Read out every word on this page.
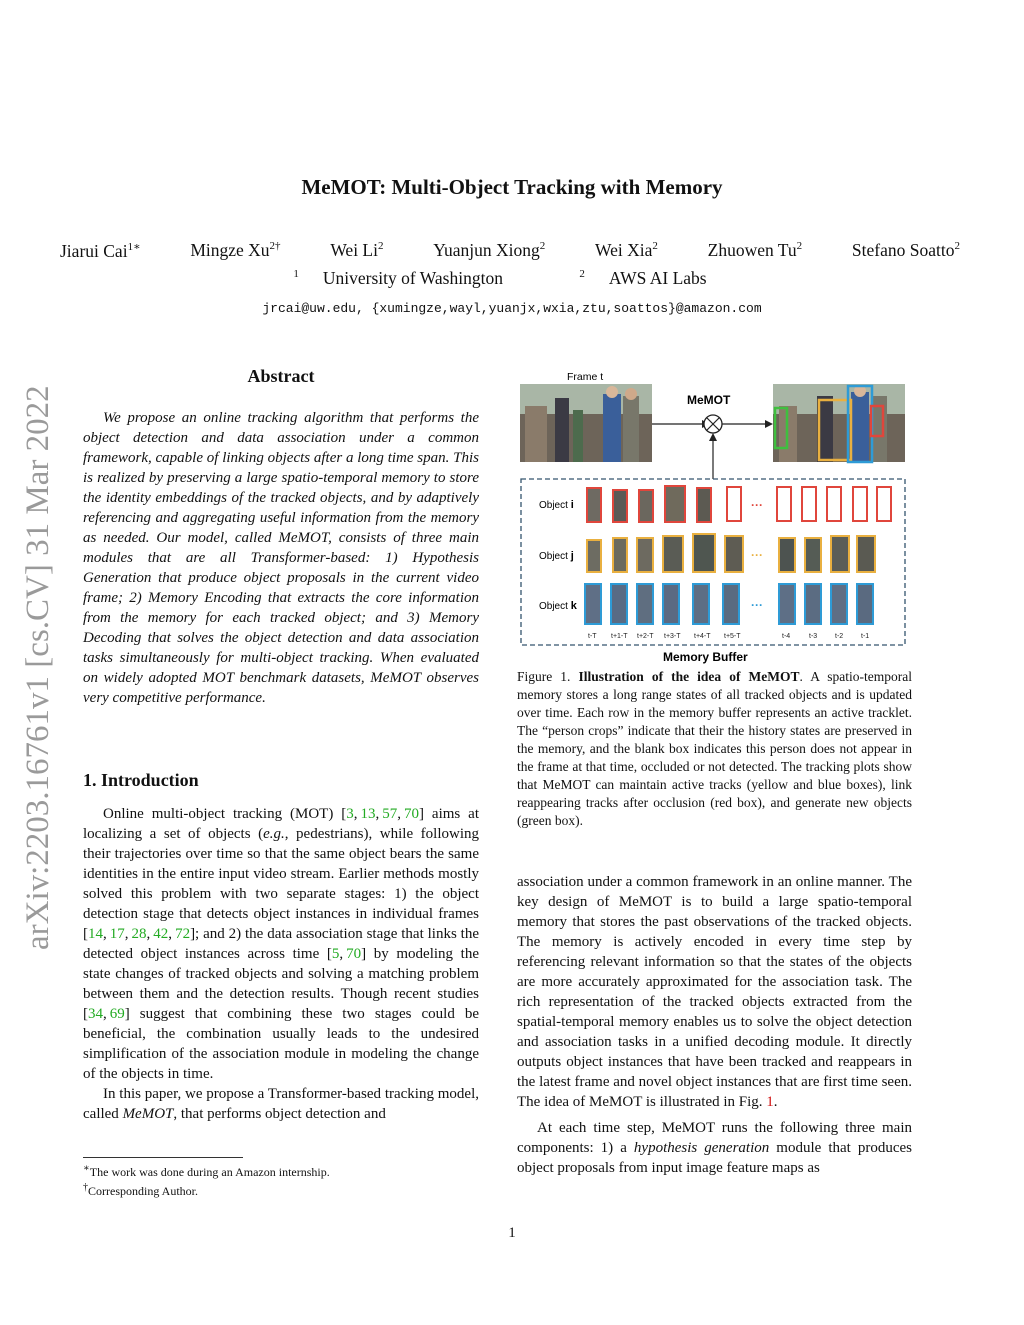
MeMOT: Multi-Object Tracking with Memory
Jiarui Cai$^{1∗}$	Mingze $Xu^{2\dagger}$	Wei Li$^2$	Yuanjun Xiong$^2$	Wei Xia$^2$	Zhuowen Tu$^2$	Stefano Soatto$^2$
$^1$ University of Washington	$^2$ AWS AI Labs
jrcai@uw.edu, {xumingze,wayl,yuanjx,wxia,ztu,soattos}@amazon.com
arXiv:2203.16761v1 [cs.CV] 31 Mar 2022
Abstract
We propose an online tracking algorithm that performs the object detection and data association under a common framework, capable of linking objects after a long time span. This is realized by preserving a large spatio-temporal memory to store the identity embeddings of the tracked objects, and by adaptively referencing and aggregating useful information from the memory as needed. Our model, called MeMOT, consists of three main modules that are all Transformer-based: 1) Hypothesis Generation that produce object proposals in the current video frame; 2) Memory Encoding that extracts the core information from the memory for each tracked object; and 3) Memory Decoding that solves the object detection and data association tasks simultaneously for multi-object tracking. When evaluated on widely adopted MOT benchmark datasets, MeMOT observes very competitive performance.
1. Introduction

Online multi-object tracking (MOT) [3, 13, 57, 70] aims at localizing a set of objects (e.g., pedestrians), while following their trajectories over time so that the same object bears the same identities in the entire input video stream. Earlier methods mostly solved this problem with two separate stages: 1) the object detection stage that detects object instances in individual frames [14, 17, 28, 42, 72]; and 2) the data association stage that links the detected object instances across time [5, 70] by modeling the state changes of tracked objects and solving a matching problem between them and the detection results. Though recent studies [34, 69] suggest that combining these two stages could be beneficial, the combination usually leads to the undesired simplification of the association module in modeling the change of the objects in time.

In this paper, we propose a Transformer-based tracking model, called MeMOT, that performs object detection and

∗The work was done during an Amazon internship.
†Corresponding Author.
Frame t
MeMOT
Object i
Object j
Object k
···
···
···
t-T t+1-T t+2-T t+3-T t+4-T t+5-T	t-4	t-3	t-2	t-1
Memory Buffer
Figure 1. Illustration of the idea of MeMOT. A spatio-temporal memory stores a long range states of all tracked objects and is updated over time. Each row in the memory buffer represents an active tracklet. The “person crops” indicate that their the history states are preserved in the memory, and the blank box indicates this person does not appear in the frame at that time, occluded or not detected. The tracking plots show that MeMOT can maintain active tracks (yellow and blue boxes), link reappearing tracks after occlusion (red box), and generate new objects (green box).

association under a common framework in an online manner. The key design of MeMOT is to build a large spatio-temporal memory that stores the past observations of the tracked objects. The memory is actively encoded in every time step by referencing relevant information so that the states of the objects are more accurately approximated for the association task. The rich representation of the tracked objects extracted from the spatial-temporal memory enables us to solve the object detection and association tasks in a unified decoding module. It directly outputs object instances that have been tracked and reappears in the latest frame and novel object instances that are first time seen. The idea of MeMOT is illustrated in Fig. 1.

At each time step, MeMOT runs the following three main components: 1) a hypothesis generation module that produces object proposals from input image feature maps as

1
